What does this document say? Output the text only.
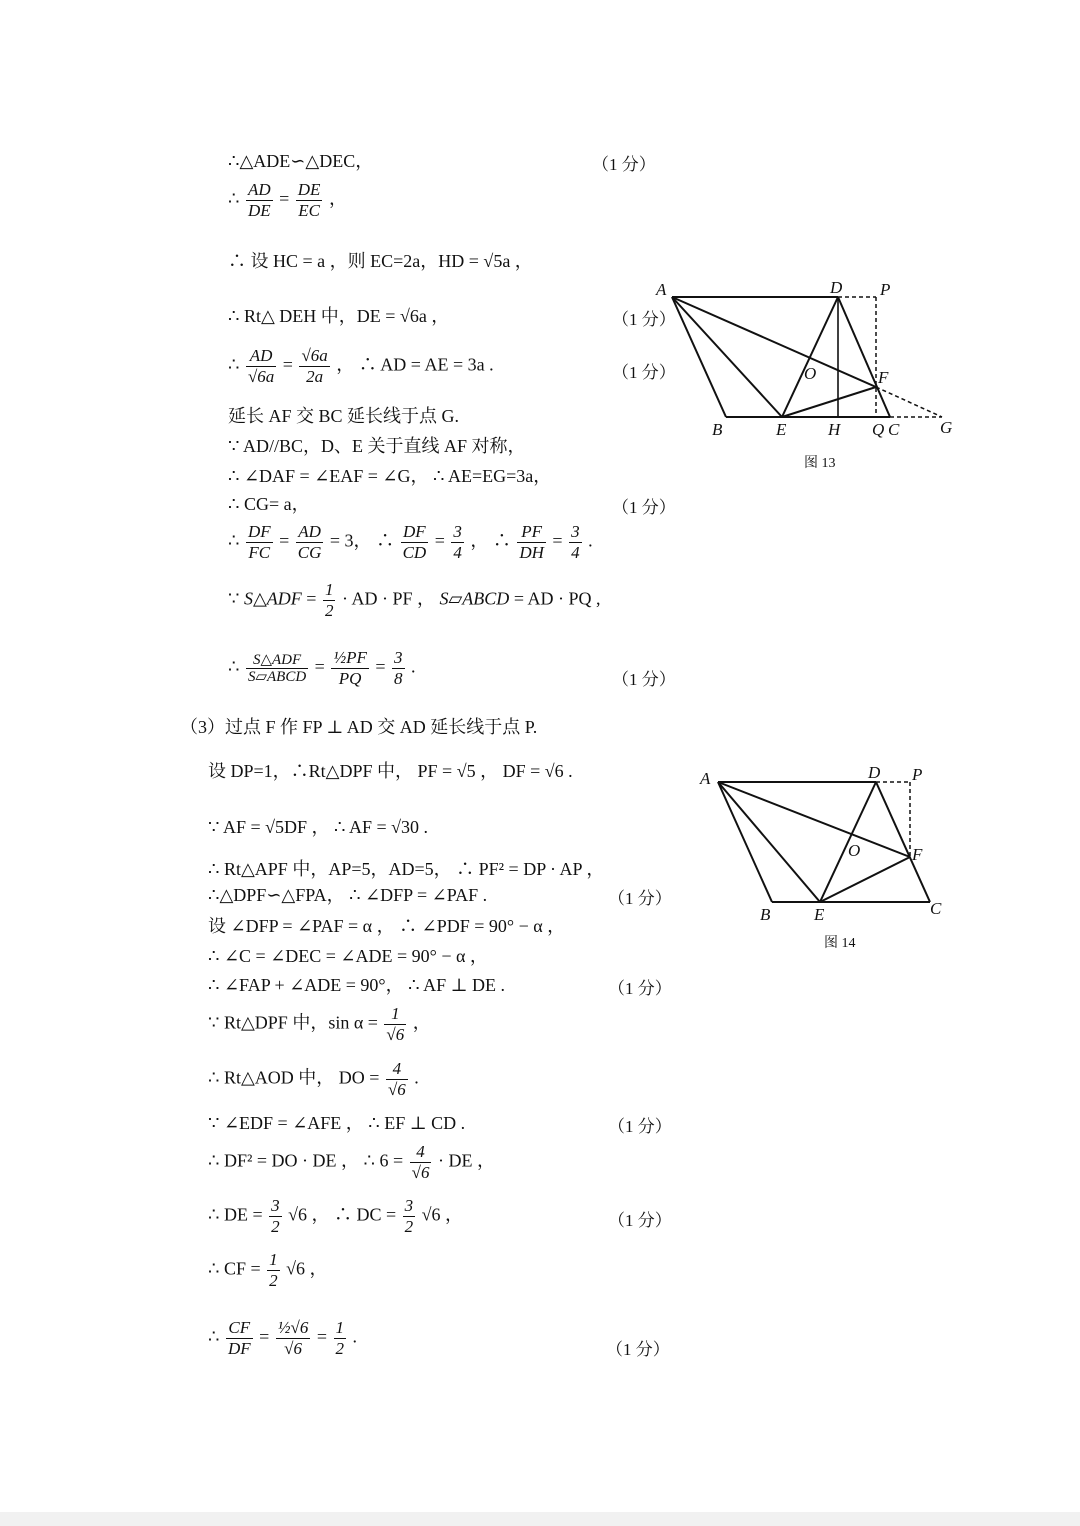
∴△ADE∽△DEC，	（1 分）
∴ $\frac{AD}{DE} = \frac{DE}{EC}$ ，
∴ 设 HC = a ，则 EC=2a，HD = √5a ，
∴ Rt△ DEH 中，DE = √6a ，	（1 分）
∴ $\frac{AD}{√6a} = \frac{√6a}{2a}$ ， ∴ AD = AE = 3a .	（1 分）
延长 AF 交 BC 延长线于点 G.
∵ AD//BC，D、E 关于直线 AF 对称，
∴ ∠DAF = ∠EAF = ∠G， ∴ AE=EG=3a，
∴ CG= a，	（1 分）
∴ $\frac{DF}{FC} = \frac{AD}{CG} = 3$， ∴ $\frac{DF}{CD} = \frac{3}{4}$ ， ∴ $\frac{PF}{DH} = \frac{3}{4}$ .
∵ S△ADF = $\frac{1}{2}$ · AD · PF ， S▱ABCD = AD · PQ ,
∴ $\frac{\text{S△ADF}}{\text{S▱ABCD}} = \frac{\text{½PF}}{PQ} = \frac{3}{8}$ .
（1 分）
（3）过点 F 作 FP ⊥ AD 交 AD 延长线于点 P.
设 DP=1，∴Rt△DPF 中， PF = √5 ， DF = √6 .
∵ AF = √5DF ， ∴ AF = √30 .
∴ Rt△APF 中，AP=5，AD=5， ∴ PF² = DP · AP ，
∴△DPF∽△FPA， ∴ ∠DFP = ∠PAF .	（1 分）
设 ∠DFP = ∠PAF = α ， ∴ ∠PDF = 90° − α ，
∴ ∠C = ∠DEC = ∠ADE = 90° − α ，
∴ ∠FAP + ∠ADE = 90°， ∴ AF ⊥ DE .	（1 分）
∵ Rt△DPF 中，$\sin \alpha = \frac{1}{√6}$ ，
∴ Rt△AOD 中， DO = $\frac{4}{√6}$ .
∵ ∠EDF = ∠AFE ， ∴ EF ⊥ CD .	（1 分）
∴ DF² = DO · DE ， ∴ $6 = \frac{4}{√6}$ · DE ，
∴ DE = $\frac{3}{2} √6$ ， ∴ DC = $\frac{3}{2} √6$ ，	（1 分）
∴ CF = $\frac{1}{2} √6$ ，
∴ $\frac{CF}{DF} = \frac{\text{½√6}}{√6} = \frac{1}{2}$ .
（1 分）
A	D P
O	F
B	E H Q C G
图 13
A	D P
O	F
B	E	C
图 14
